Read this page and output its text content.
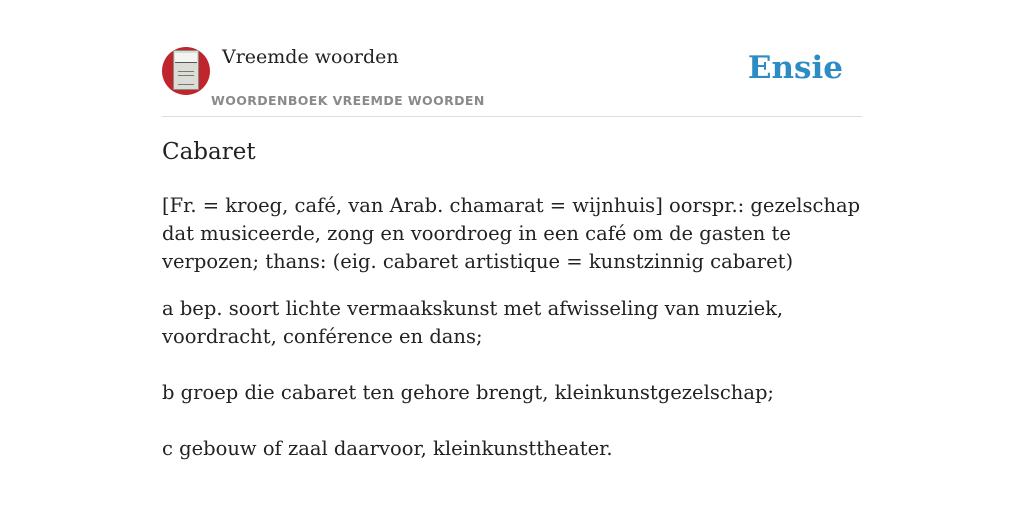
Vreemde woorden
WOORDENBOEK VREEMDE WOORDEN
Ensie
Cabaret

[Fr. = kroeg, café, van Arab. chamarat = wijnhuis] oorspr.: gezelschap dat musiceerde, zong en voordroeg in een café om de gasten te verpozen; thans: (eig. cabaret artistique = kunstzinnig cabaret)

a bep. soort lichte vermaakskunst met afwisseling van muziek, voordracht, conférence en dans;

b groep die cabaret ten gehore brengt, kleinkunstgezelschap;

c gebouw of zaal daarvoor, kleinkunsttheater.
